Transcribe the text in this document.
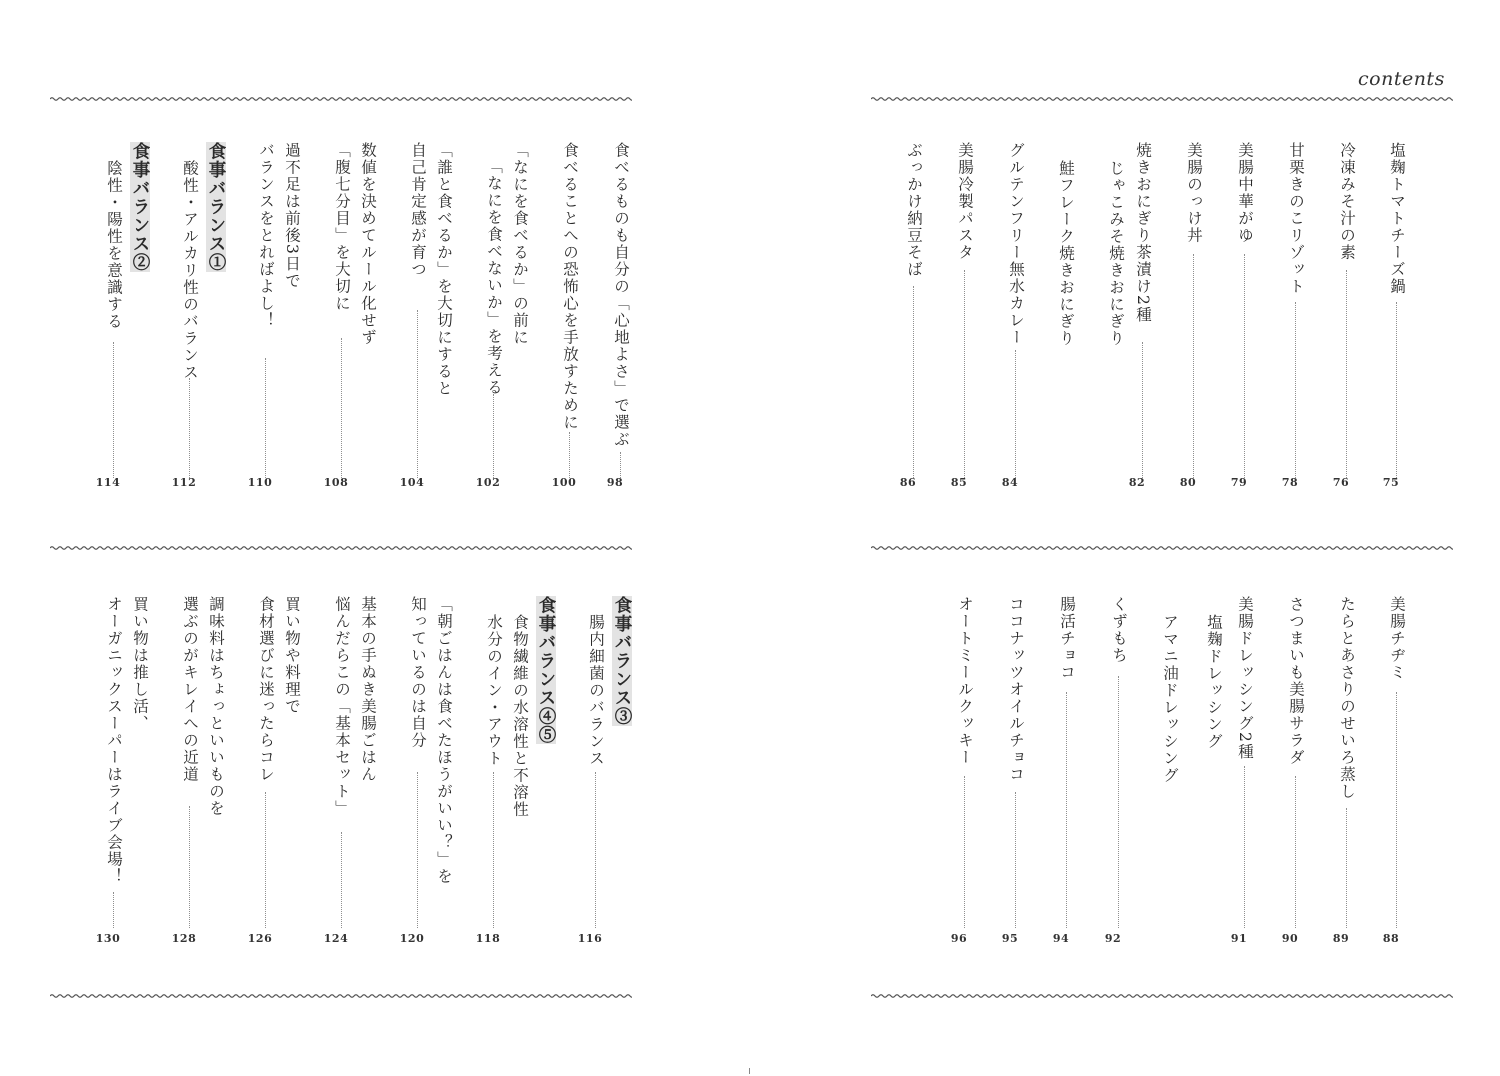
食べるものも自分の「心地よさ」で選ぶ
98
食べることへの恐怖心を手放すために
100
「なにを食べるか」の前に
「なにを食べないか」を考える
102
「誰と食べるか」を大切にすると
自己肯定感が育つ
104
数値を決めてルール化せず
「腹七分目」を大切に
108
過不足は前後3日で
バランスをとればよし！
110
食事バランス①
酸性・アルカリ性のバランス
112
食事バランス②
陰性・陽性を意識する
114
食事バランス③
腸内細菌のバランス
116
食事バランス④⑤
食物繊維の水溶性と不溶性
水分のイン・アウト
118
「朝ごはんは食べたほうがいい？」を
知っているのは自分
120
基本の手ぬき美腸ごはん
悩んだらこの「基本セット」
124
買い物や料理で
食材選びに迷ったらコレ
126
調味料はちょっといいものを
選ぶのがキレイへの近道
128
買い物は推し活、
オーガニックスーパーはライブ会場！
130
contents
塩麹トマトチーズ鍋
75
冷凍みそ汁の素
76
甘栗きのこリゾット
78
美腸中華がゆ
79
美腸のっけ丼
80
焼きおにぎり茶漬け2種
82
じゃこみそ焼きおにぎり
鮭フレーク焼きおにぎり
グルテンフリー無水カレー
84
美腸冷製パスタ
85
ぶっかけ納豆そば
86
美腸チヂミ
88
たらとあさりのせいろ蒸し
89
さつまいも美腸サラダ
90
美腸ドレッシング2種
91
塩麹ドレッシング
アマニ油ドレッシング
くずもち
92
腸活チョコ
94
ココナッツオイルチョコ
95
オートミールクッキー
96
